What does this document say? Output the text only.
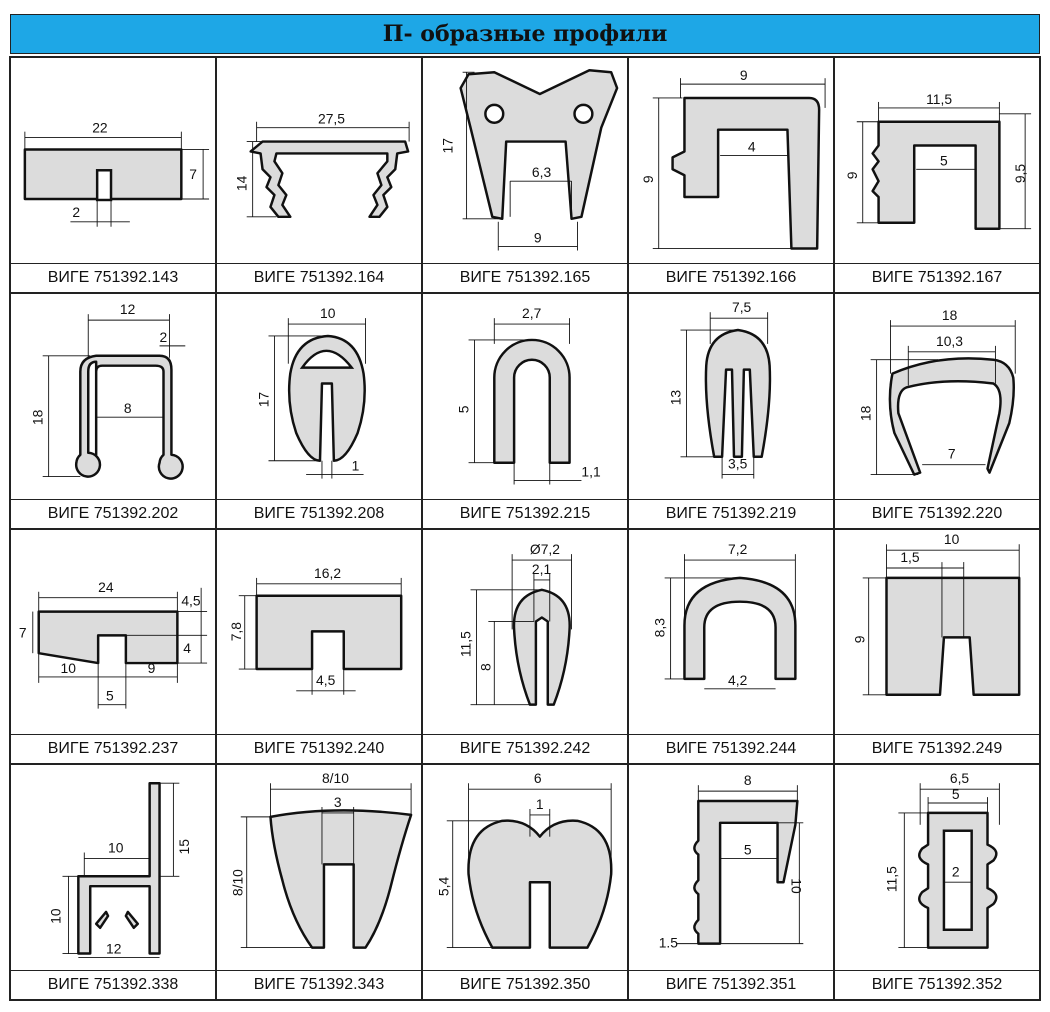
П- образные профили
22
7
2
ВИГЕ 751392.143
27,5
14
ВИГЕ 751392.164
6,3
17
9
ВИГЕ 751392.165
9
9
4
ВИГЕ 751392.166
11,5
9
5
9,5
ВИГЕ 751392.167
12
2
18
8
ВИГЕ 751392.202
10
17
1
ВИГЕ 751392.208
2,7
5
1,1
ВИГЕ 751392.215
7,5
13
3,5
ВИГЕ 751392.219
18
10,3
18
7
ВИГЕ 751392.220
24
4,5
7
4
10	9
5
ВИГЕ 751392.237
16,2
7,8
4,5
ВИГЕ 751392.240
Ø7,2
2,1
11,5
8
ВИГЕ 751392.242
7,2
8,3
4,2
ВИГЕ 751392.244
10
1,5
9
ВИГЕ 751392.249
15
10
10
12
ВИГЕ 751392.338
8/10
3
8/10
ВИГЕ 751392.343
6
1
5,4
ВИГЕ 751392.350
8
5
10
1.5
ВИГЕ 751392.351
6,5
5
11,5	2
ВИГЕ 751392.352
